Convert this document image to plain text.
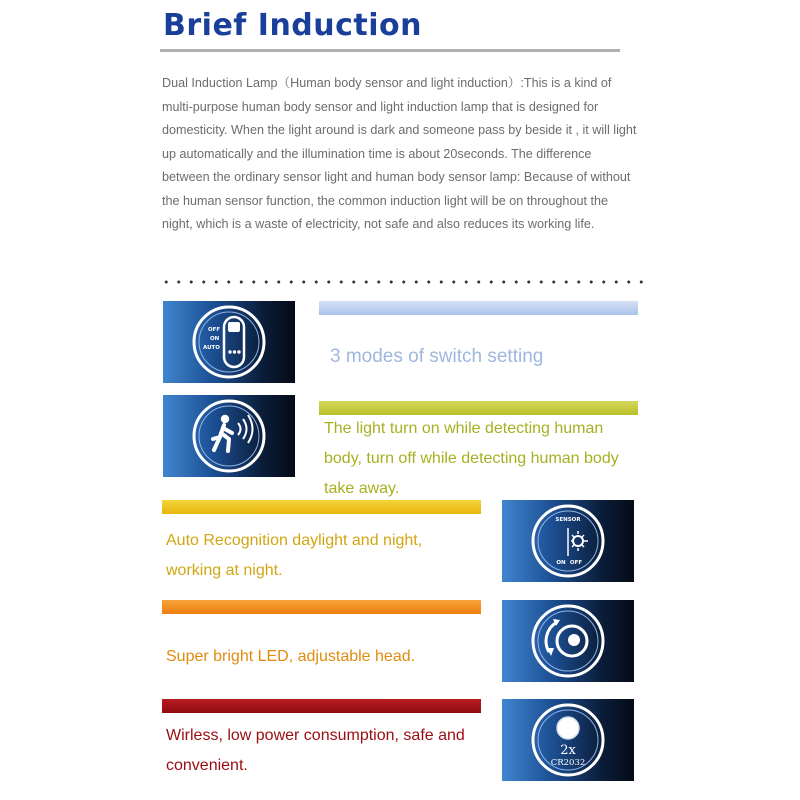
Brief Induction
Dual Induction Lamp（Human body sensor and light induction）:This is a kind of multi-purpose human body sensor and light induction lamp that is designed for domesticity. When the light around is dark and someone pass by beside it , it will light up automatically and the illumination time is about 20seconds. The difference between the ordinary sensor light and human body sensor lamp: Because of without the human sensor function, the common induction light will be on throughout the night, which is a waste of electricity, not safe and also reduces its working life.
OFF
ON
AUTO	3 modes of switch setting
The light turn on while detecting human body, turn off while detecting human body take away.
Auto Recognition daylight and night, working at night.
SENSOR
ON OFF
Super bright LED, adjustable head.
Wirless, low power consumption, safe and convenient.
2x
CR2032
